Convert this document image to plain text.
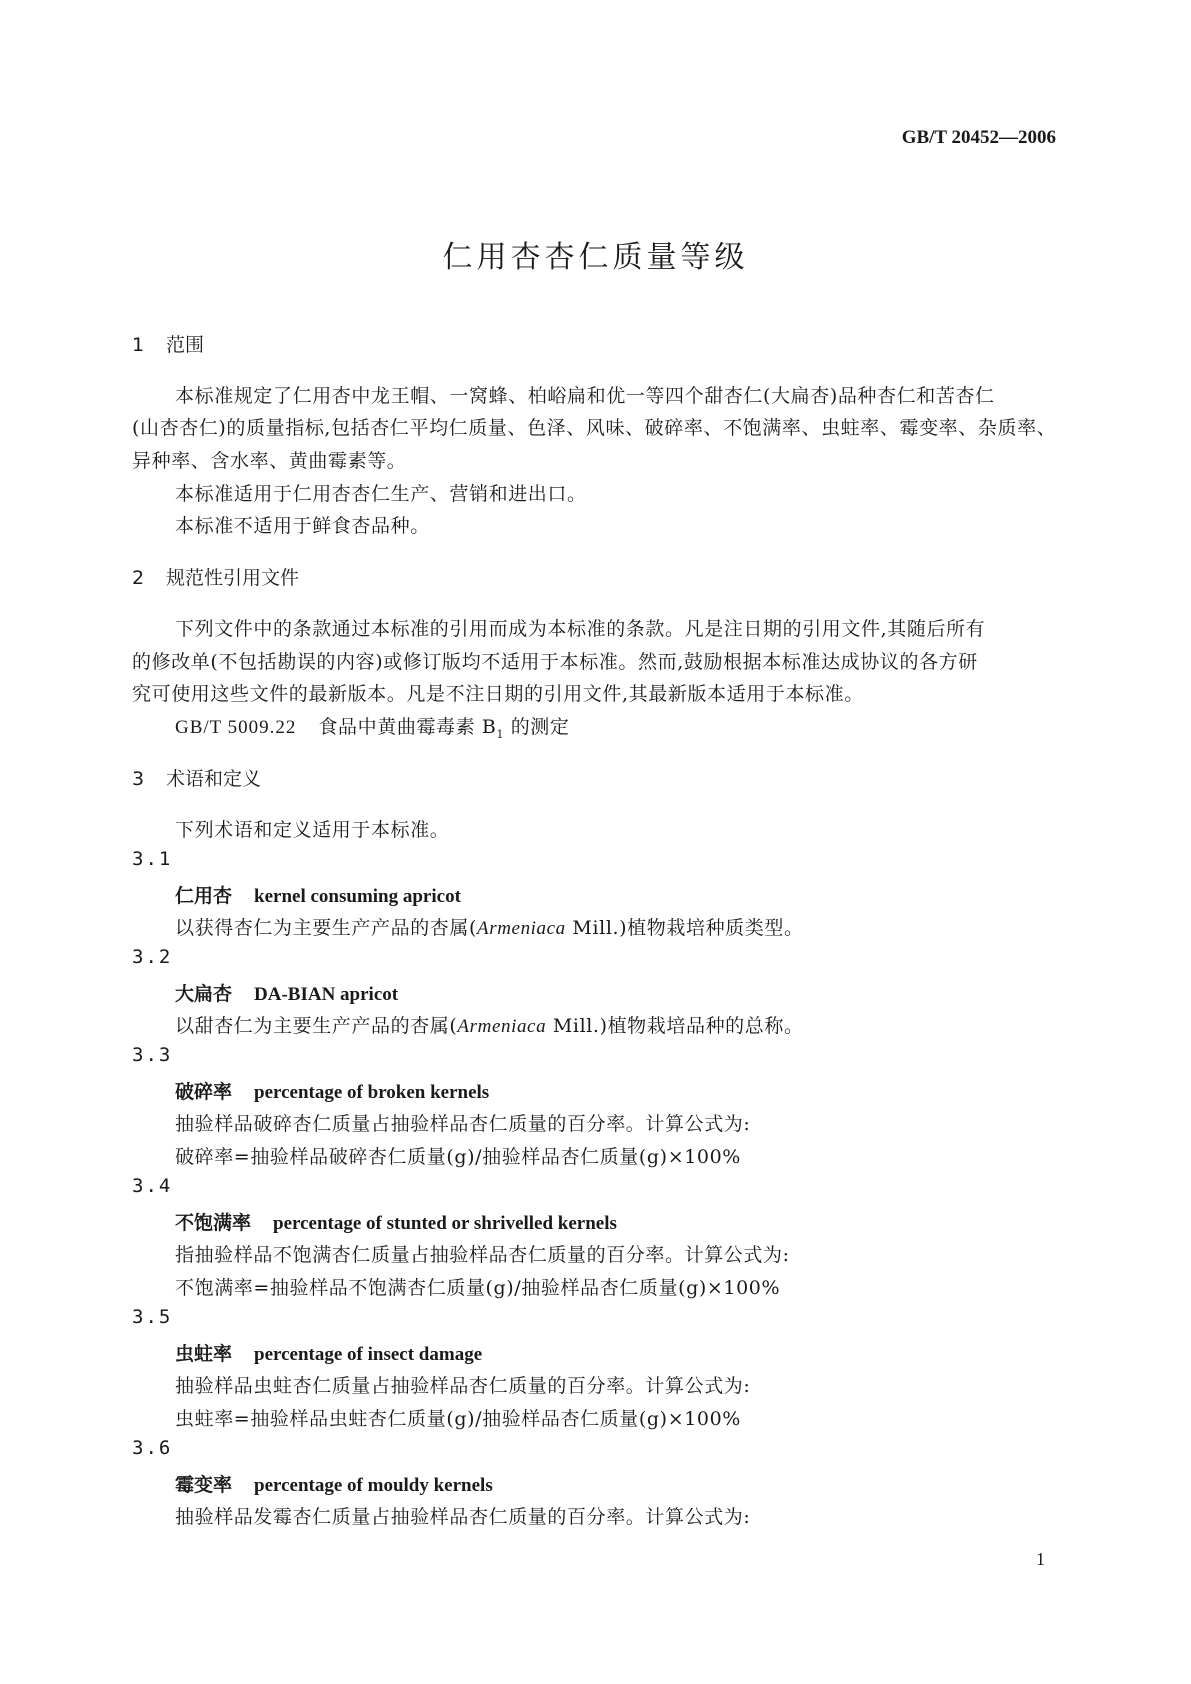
GB/T 20452—2006
仁用杏杏仁质量等级
1 范围
本标准规定了仁用杏中龙王帽、一窝蜂、柏峪扁和优一等四个甜杏仁(大扁杏)品种杏仁和苦杏仁
(山杏杏仁)的质量指标,包括杏仁平均仁质量、色泽、风味、破碎率、不饱满率、虫蛀率、霉变率、杂质率、
异种率、含水率、黄曲霉素等。
本标准适用于仁用杏杏仁生产、营销和进出口。
本标准不适用于鲜食杏品种。
2 规范性引用文件
下列文件中的条款通过本标准的引用而成为本标准的条款。凡是注日期的引用文件,其随后所有
的修改单(不包括勘误的内容)或修订版均不适用于本标准。然而,鼓励根据本标准达成协议的各方研
究可使用这些文件的最新版本。凡是不注日期的引用文件,其最新版本适用于本标准。
GB/T 5009.22 食品中黄曲霉毒素 $B_1$ 的测定
3 术语和定义
下列术语和定义适用于本标准。
3.1
仁用杏 kernel consuming apricot
以获得杏仁为主要生产产品的杏属(Armeniaca Mill.)植物栽培种质类型。
3.2
大扁杏 DA-BIAN apricot
以甜杏仁为主要生产产品的杏属(Armeniaca Mill.)植物栽培品种的总称。
3.3
破碎率 percentage of broken kernels
抽验样品破碎杏仁质量占抽验样品杏仁质量的百分率。计算公式为:
破碎率=抽验样品破碎杏仁质量(g)/抽验样品杏仁质量(g)×100%
3.4
不饱满率 percentage of stunted or shrivelled kernels
指抽验样品不饱满杏仁质量占抽验样品杏仁质量的百分率。计算公式为:
不饱满率=抽验样品不饱满杏仁质量(g)/抽验样品杏仁质量(g)×100%
3.5
虫蛀率 percentage of insect damage
抽验样品虫蛀杏仁质量占抽验样品杏仁质量的百分率。计算公式为:
虫蛀率=抽验样品虫蛀杏仁质量(g)/抽验样品杏仁质量(g)×100%
3.6
霉变率 percentage of mouldy kernels
抽验样品发霉杏仁质量占抽验样品杏仁质量的百分率。计算公式为:
1
